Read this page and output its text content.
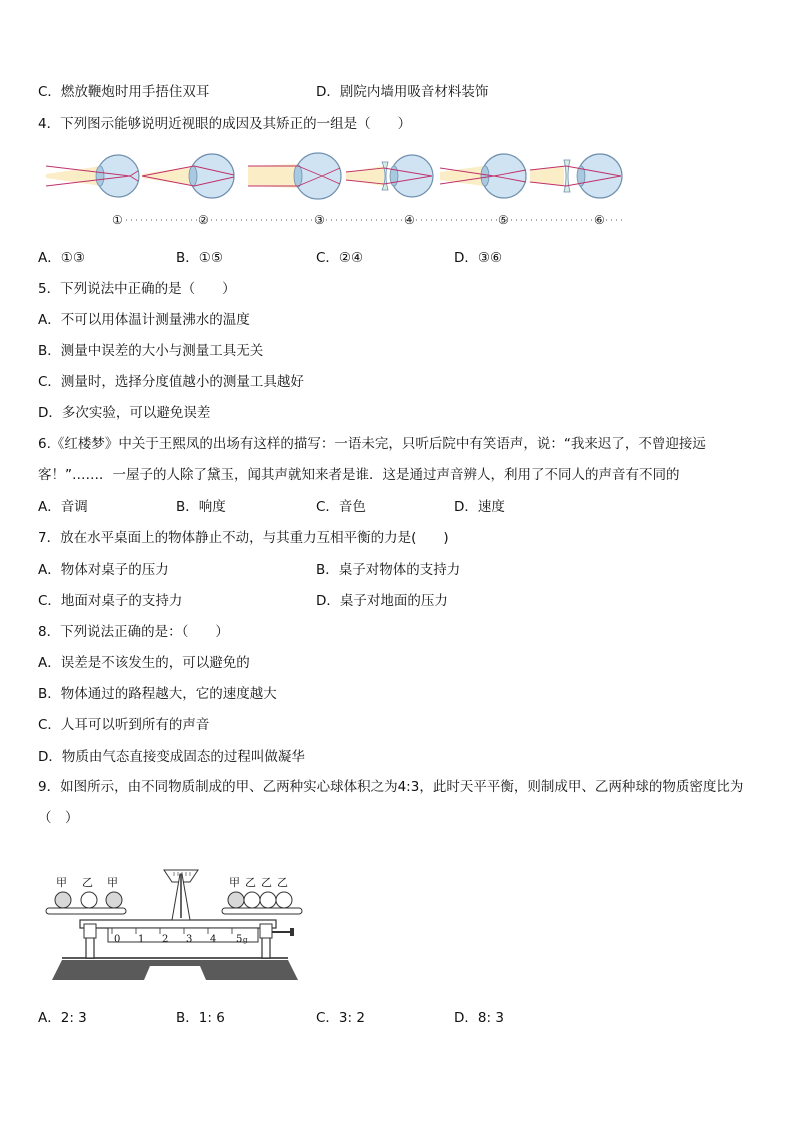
C．燃放鞭炮时用手捂住双耳	D．剧院内墙用吸音材料装饰
4．下列图示能够说明近视眼的成因及其矫正的一组是（　　）
①	②	③	④	⑤	⑥
A．①③	B．①⑤	C．②④	D．③⑥
5．下列说法中正确的是（　　）
A．不可以用体温计测量沸水的温度
B．测量中误差的大小与测量工具无关
C．测量时，选择分度值越小的测量工具越好
D．多次实验，可以避免误差
6.《红楼梦》中关于王熙凤的出场有这样的描写：一语未完，只听后院中有笑语声，说：“我来迟了，不曾迎接远客！”……．一屋子的人除了黛玉，闻其声就知来者是谁．这是通过声音辨人，利用了不同人的声音有不同的
A．音调	B．响度	C．音色	D．速度
7．放在水平桌面上的物体静止不动，与其重力互相平衡的力是(　　)
A．物体对桌子的压力	B．桌子对物体的支持力
C．地面对桌子的支持力	D．桌子对地面的压力
8．下列说法正确的是：（　　）
A．误差是不该发生的，可以避免的
B．物体通过的路程越大，它的速度越大
C．人耳可以听到所有的声音
D．物质由气态直接变成固态的过程叫做凝华
9．如图所示，由不同物质制成的甲、乙两种实心球体积之为4:3，此时天平平衡，则制成甲、乙两种球的物质密度比为（　）
0 1 2 3 4 5 g
甲 乙 甲	甲 乙 乙 乙
A．2: 3	B．1: 6	C．3: 2	D．8: 3
